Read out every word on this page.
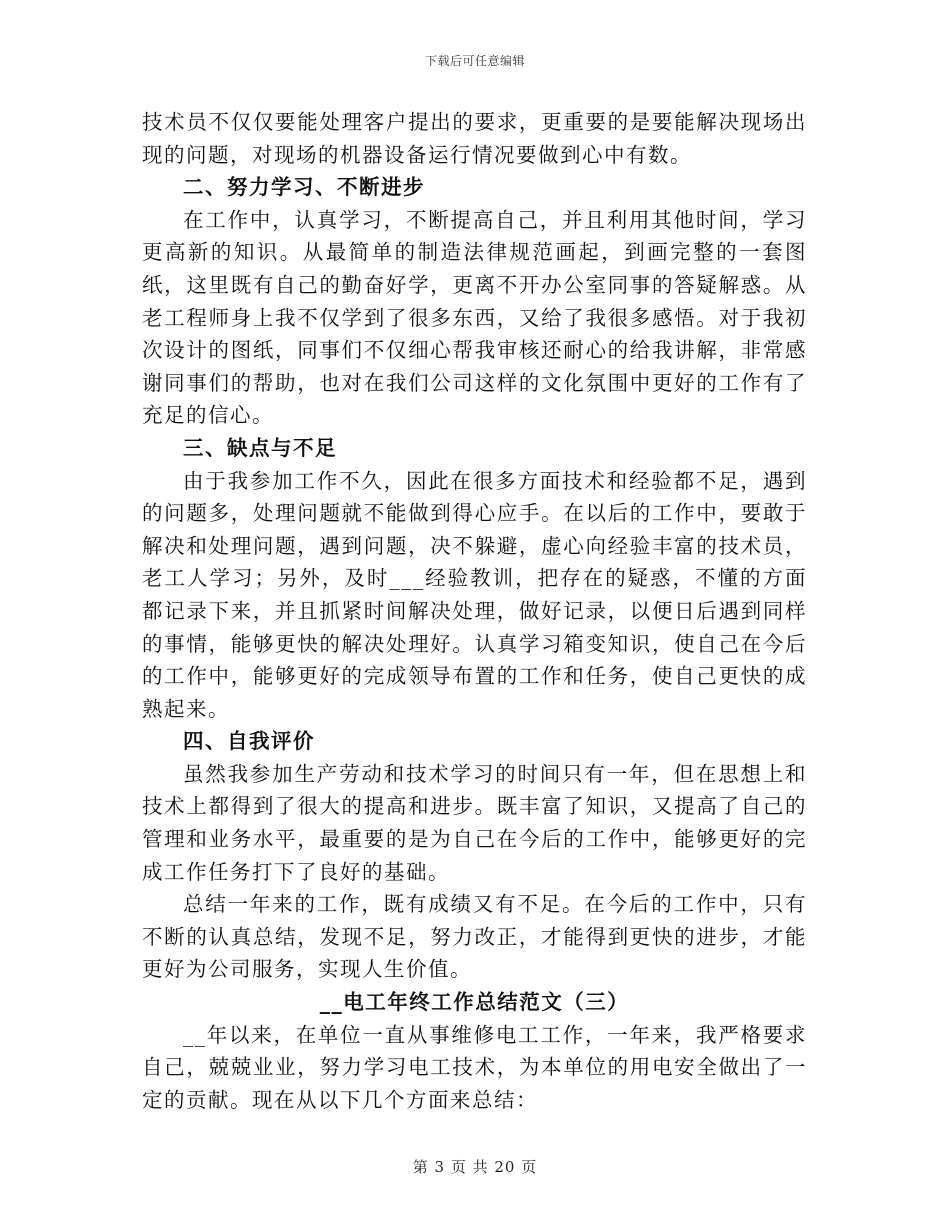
下载后可任意编辑

技术员不仅仅要能处理客户提出的要求，更重要的是要能解决现场出现的问题，对现场的机器设备运行情况要做到心中有数。

二、努力学习、不断进步

在工作中，认真学习，不断提高自己，并且利用其他时间，学习更高新的知识。从最简单的制造法律规范画起，到画完整的一套图纸，这里既有自己的勤奋好学，更离不开办公室同事的答疑解惑。从老工程师身上我不仅学到了很多东西，又给了我很多感悟。对于我初次设计的图纸，同事们不仅细心帮我审核还耐心的给我讲解，非常感谢同事们的帮助，也对在我们公司这样的文化氛围中更好的工作有了充足的信心。

三、缺点与不足

由于我参加工作不久，因此在很多方面技术和经验都不足，遇到的问题多，处理问题就不能做到得心应手。在以后的工作中，要敢于解决和处理问题，遇到问题，决不躲避，虚心向经验丰富的技术员，老工人学习；另外，及时___经验教训，把存在的疑惑，不懂的方面都记录下来，并且抓紧时间解决处理，做好记录，以便日后遇到同样的事情，能够更快的解决处理好。认真学习箱变知识，使自己在今后的工作中，能够更好的完成领导布置的工作和任务，使自己更快的成熟起来。

四、自我评价

虽然我参加生产劳动和技术学习的时间只有一年，但在思想上和技术上都得到了很大的提高和进步。既丰富了知识，又提高了自己的管理和业务水平，最重要的是为自己在今后的工作中，能够更好的完成工作任务打下了良好的基础。

总结一年来的工作，既有成绩又有不足。在今后的工作中，只有不断的认真总结，发现不足，努力改正，才能得到更快的进步，才能更好为公司服务，实现人生价值。

__电工年终工作总结范文（三）

__年以来，在单位一直从事维修电工工作，一年来，我严格要求自己，兢兢业业，努力学习电工技术，为本单位的用电安全做出了一定的贡献。现在从以下几个方面来总结：

第 3 页 共 20 页
